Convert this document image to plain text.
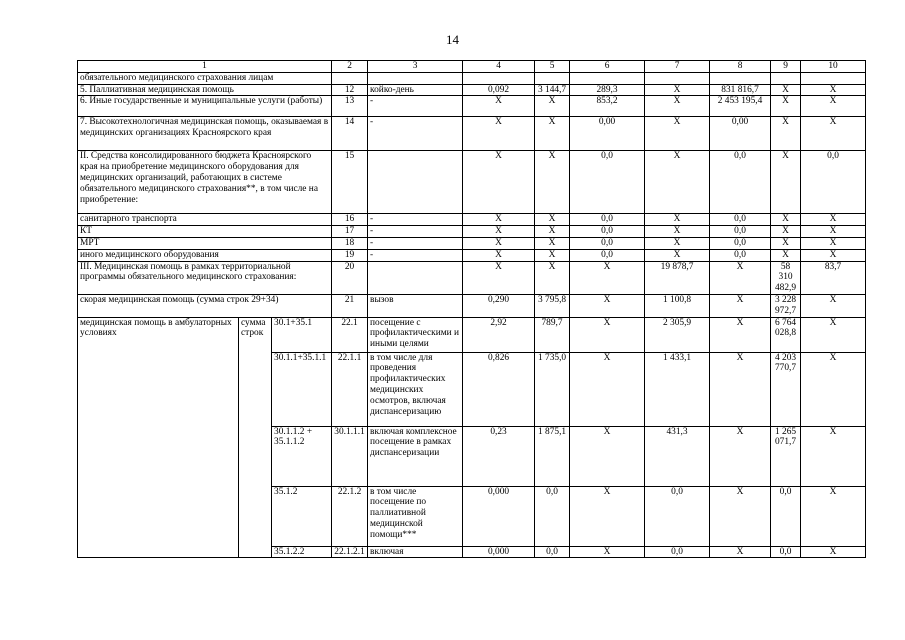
14
1			2	3	4	5	6	7	8	9	10
обязательного медицинского страхования лицам											
5. Паллиативная медицинская помощь			12	койко-день	0,092	3 144,7	289,3	X	831 816,7	X	X
6. Иные государственные и муниципальные услуги (работы)			13	-	X	X	853,2	X	2 453 195,4	X	X
7. Высокотехнологичная медицинская помощь, оказываемая в медицинских организациях Красноярского края			14	-	X	X	0,00	X	0,00	X	X
II. Средства консолидированного бюджета Красноярского края на приобретение медицинского оборудования для медицинских организаций, работающих в системе обязательного медицинского страхования**, в том числе на приобретение:			15		X	X	0,0	X	0,0	X	0,0
санитарного транспорта			16	-	X	X	0,0	X	0,0	X	X
КТ			17	-	X	X	0,0	X	0,0	X	X
МРТ			18	-	X	X	0,0	X	0,0	X	X
иного медицинского оборудования			19	-	X	X	0,0	X	0,0	X	X
III. Медицинская помощь в рамках территориальной программы обязательного медицинского страхования:			20		X	X	X	19 878,7	X	58 310 482,9	83,7
скорая медицинская помощь (сумма строк 29+34)			21	вызов	0,290	3 795,8	X	1 100,8	X	3 228 972,7	X
медицинская помощь в амбулаторных условиях	сумма строк	30.1+35.1	22.1	посещение с профилактическими и иными целями	2,92	789,7	X	2 305,9	X	6 764 028,8	X
		30.1.1+35.1.1	22.1.1	в том числе для проведения профилактических медицинских осмотров, включая диспансеризацию	0,826	1 735,0	X	1 433,1	X	4 203 770,7	X
		30.1.1.2 + 35.1.1.2	30.1.1.1	включая комплексное посещение в рамках диспансеризации	0,23	1 875,1	X	431,3	X	1 265 071,7	X
		35.1.2	22.1.2	в том числе посещение по паллиативной медицинской помощи***	0,000	0,0	X	0,0	X	0,0	X
		35.1.2.2	22.1.2.1	включая	0,000	0,0	X	0,0	X	0,0	X
